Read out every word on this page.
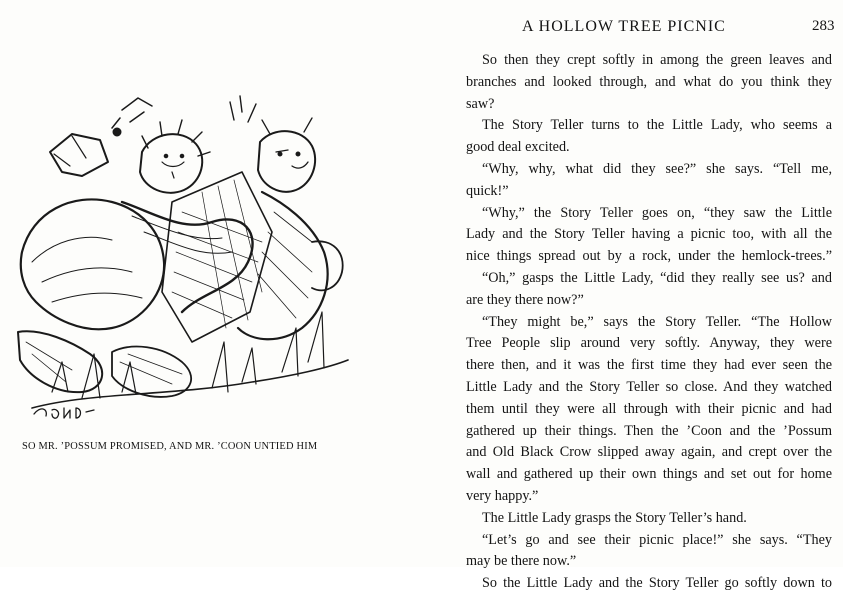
SO MR. ’POSSUM PROMISED, AND MR. ’COON UNTIED HIM
A HOLLOW TREE PICNIC	283
So then they crept softly in among the green leaves and
branches and looked through, and what do you think they
saw?
The Story Teller turns to the Little Lady, who seems a
good deal excited.
“Why, why, what did they see?” she says. “Tell me,
quick!”
“Why,” the Story Teller goes on, “they saw the Little
Lady and the Story Teller having a picnic too, with all the
nice things spread out by a rock, under the hemlock-trees.”
“Oh,” gasps the Little Lady, “did they really see us? and
are they there now?”
“They might be,” says the Story Teller. “The Hollow
Tree People slip around very softly. Anyway, they were
there then, and it was the first time they had ever seen the
Little Lady and the Story Teller so close. And they watched
them until they were all through with their picnic and had
gathered up their things. Then the ’Coon and the ’Possum
and Old Black Crow slipped away again, and crept over the
wall and gathered up their own things and set out for home
very happy.”
The Little Lady grasps the Story Teller’s hand.
“Let’s go and see their picnic place!” she says. “They
may be there now.”
So the Little Lady and the Story Teller go softly down to
